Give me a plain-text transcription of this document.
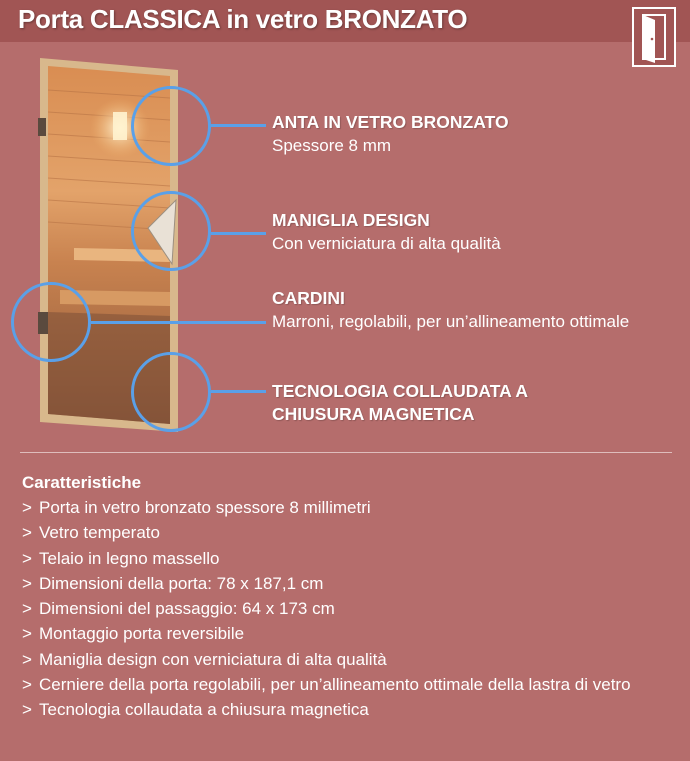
Porta CLASSICA in vetro BRONZATO
ANTA IN VETRO BRONZATO
Spessore 8 mm
MANIGLIA DESIGN
Con verniciatura di alta qualità
CARDINI
Marroni, regolabili, per un’allineamento ottimale
TECNOLOGIA COLLAUDATA A CHIUSURA MAGNETICA
Caratteristiche
> Porta in vetro bronzato spessore 8 millimetri
> Vetro temperato
> Telaio in legno massello
> Dimensioni della porta: 78 x 187,1 cm
> Dimensioni del passaggio: 64 x 173 cm
> Montaggio porta reversibile
> Maniglia design con verniciatura di alta qualità
> Cerniere della porta regolabili, per un’allineamento ottimale della lastra di vetro
> Tecnologia collaudata a chiusura magnetica
